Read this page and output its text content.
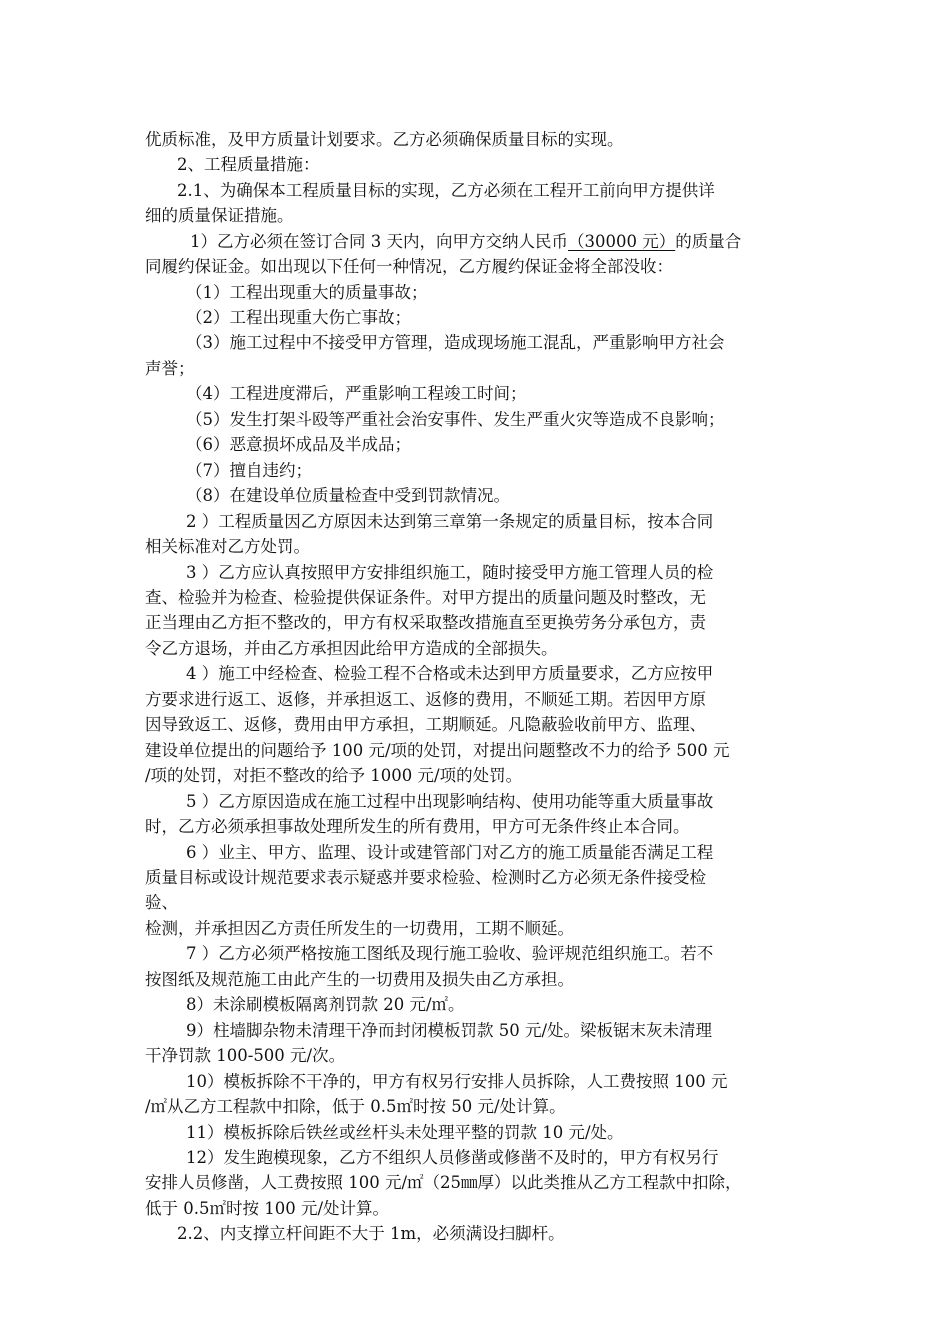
优质标准，及甲方质量计划要求。乙方必须确保质量目标的实现。
2、工程质量措施：
2.1、为确保本工程质量目标的实现，乙方必须在工程开工前向甲方提供详
细的质量保证措施。
1）乙方必须在签订合同 3 天内，向甲方交纳人民币（30000 元）的质量合
同履约保证金。如出现以下任何一种情况，乙方履约保证金将全部没收：
（1）工程出现重大的质量事故；
（2）工程出现重大伤亡事故；
（3）施工过程中不接受甲方管理，造成现场施工混乱，严重影响甲方社会
声誉；
（4）工程进度滞后，严重影响工程竣工时间；
（5）发生打架斗殴等严重社会治安事件、发生严重火灾等造成不良影响；
（6）恶意损坏成品及半成品；
（7）擅自违约；
（8）在建设单位质量检查中受到罚款情况。
2 ）工程质量因乙方原因未达到第三章第一条规定的质量目标，按本合同
相关标准对乙方处罚。
3 ）乙方应认真按照甲方安排组织施工，随时接受甲方施工管理人员的检
查、检验并为检查、检验提供保证条件。对甲方提出的质量问题及时整改，无
正当理由乙方拒不整改的，甲方有权采取整改措施直至更换劳务分承包方，责
令乙方退场，并由乙方承担因此给甲方造成的全部损失。
4 ）施工中经检查、检验工程不合格或未达到甲方质量要求，乙方应按甲
方要求进行返工、返修，并承担返工、返修的费用，不顺延工期。若因甲方原
因导致返工、返修，费用由甲方承担，工期顺延。凡隐蔽验收前甲方、监理、
建设单位提出的问题给予 100 元/项的处罚，对提出问题整改不力的给予 500 元
/项的处罚，对拒不整改的给予 1000 元/项的处罚。
5 ）乙方原因造成在施工过程中出现影响结构、使用功能等重大质量事故
时，乙方必须承担事故处理所发生的所有费用，甲方可无条件终止本合同。
6 ）业主、甲方、监理、设计或建管部门对乙方的施工质量能否满足工程
质量目标或设计规范要求表示疑惑并要求检验、检测时乙方必须无条件接受检
验、
检测，并承担因乙方责任所发生的一切费用，工期不顺延。
7 ）乙方必须严格按施工图纸及现行施工验收、验评规范组织施工。若不
按图纸及规范施工由此产生的一切费用及损失由乙方承担。
8）未涂刷模板隔离剂罚款 20 元/㎡。
9）柱墙脚杂物未清理干净而封闭模板罚款 50 元/处。梁板锯末灰未清理
干净罚款 100-500 元/次。
10）模板拆除不干净的，甲方有权另行安排人员拆除，人工费按照 100 元
/㎡从乙方工程款中扣除，低于 0.5㎡时按 50 元/处计算。
11）模板拆除后铁丝或丝杆头未处理平整的罚款 10 元/处。
12）发生跑模现象，乙方不组织人员修凿或修凿不及时的，甲方有权另行
安排人员修凿，人工费按照 100 元/㎡（25㎜厚）以此类推从乙方工程款中扣除，
低于 0.5㎡时按 100 元/处计算。
2.2、内支撑立杆间距不大于 1m，必须满设扫脚杆。
